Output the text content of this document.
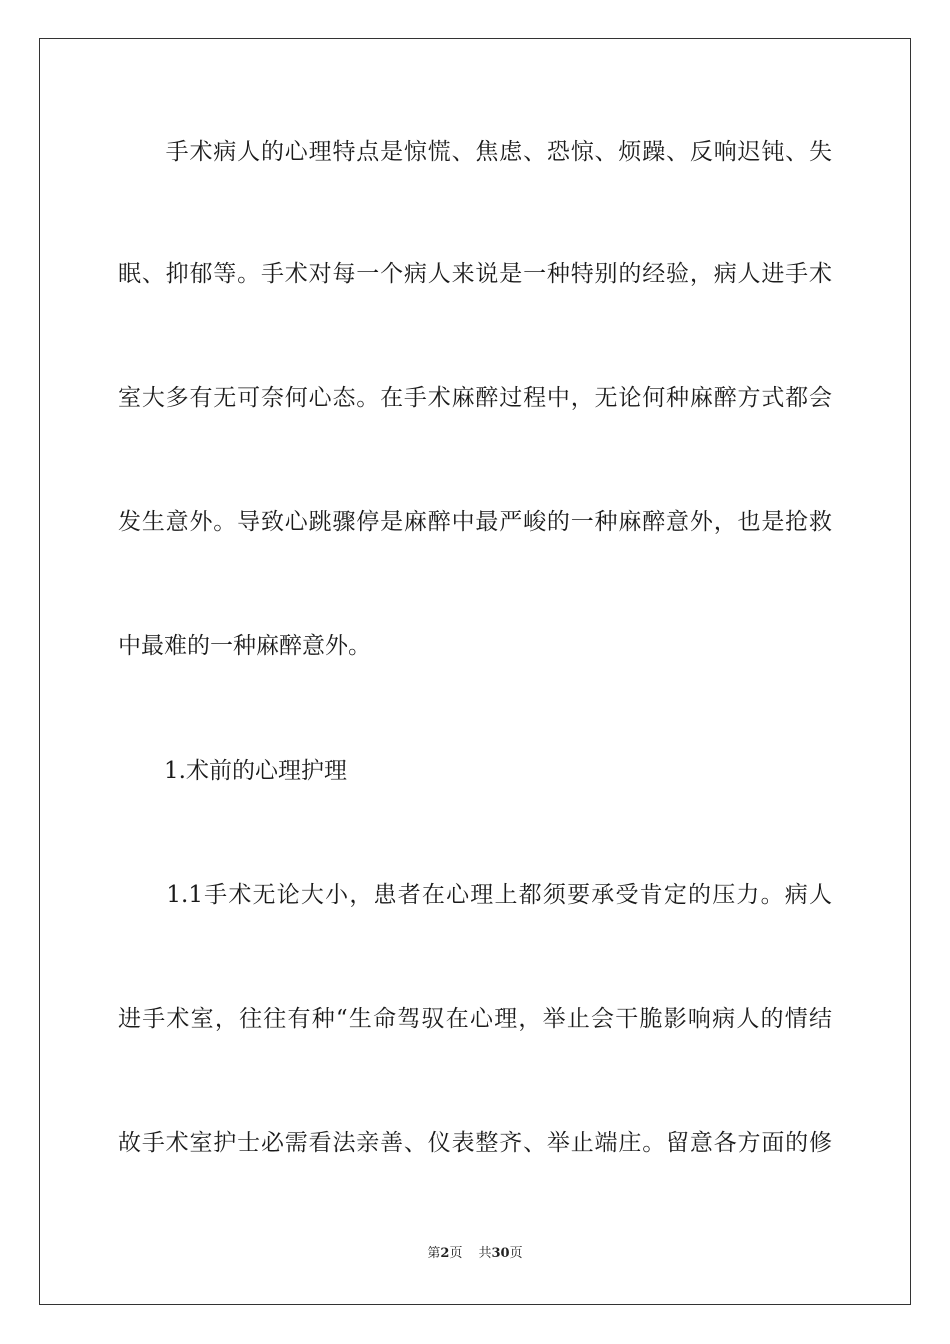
　　手术病人的心理特点是惊慌、焦虑、恐惊、烦躁、反响迟钝、失
眠、抑郁等。手术对每一个病人来说是一种特别的经验，病人进手术
室大多有无可奈何心态。在手术麻醉过程中，无论何种麻醉方式都会
发生意外。导致心跳骤停是麻醉中最严峻的一种麻醉意外，也是抢救
中最难的一种麻醉意外。
　　1.术前的心理护理
　　1.1手术无论大小，患者在心理上都须要承受肯定的压力。病人
进手术室，往往有种“生命驾驭在心理，举止会干脆影响病人的情结
故手术室护士必需看法亲善、仪表整齐、举止端庄。留意各方面的修
第2页 共30页
